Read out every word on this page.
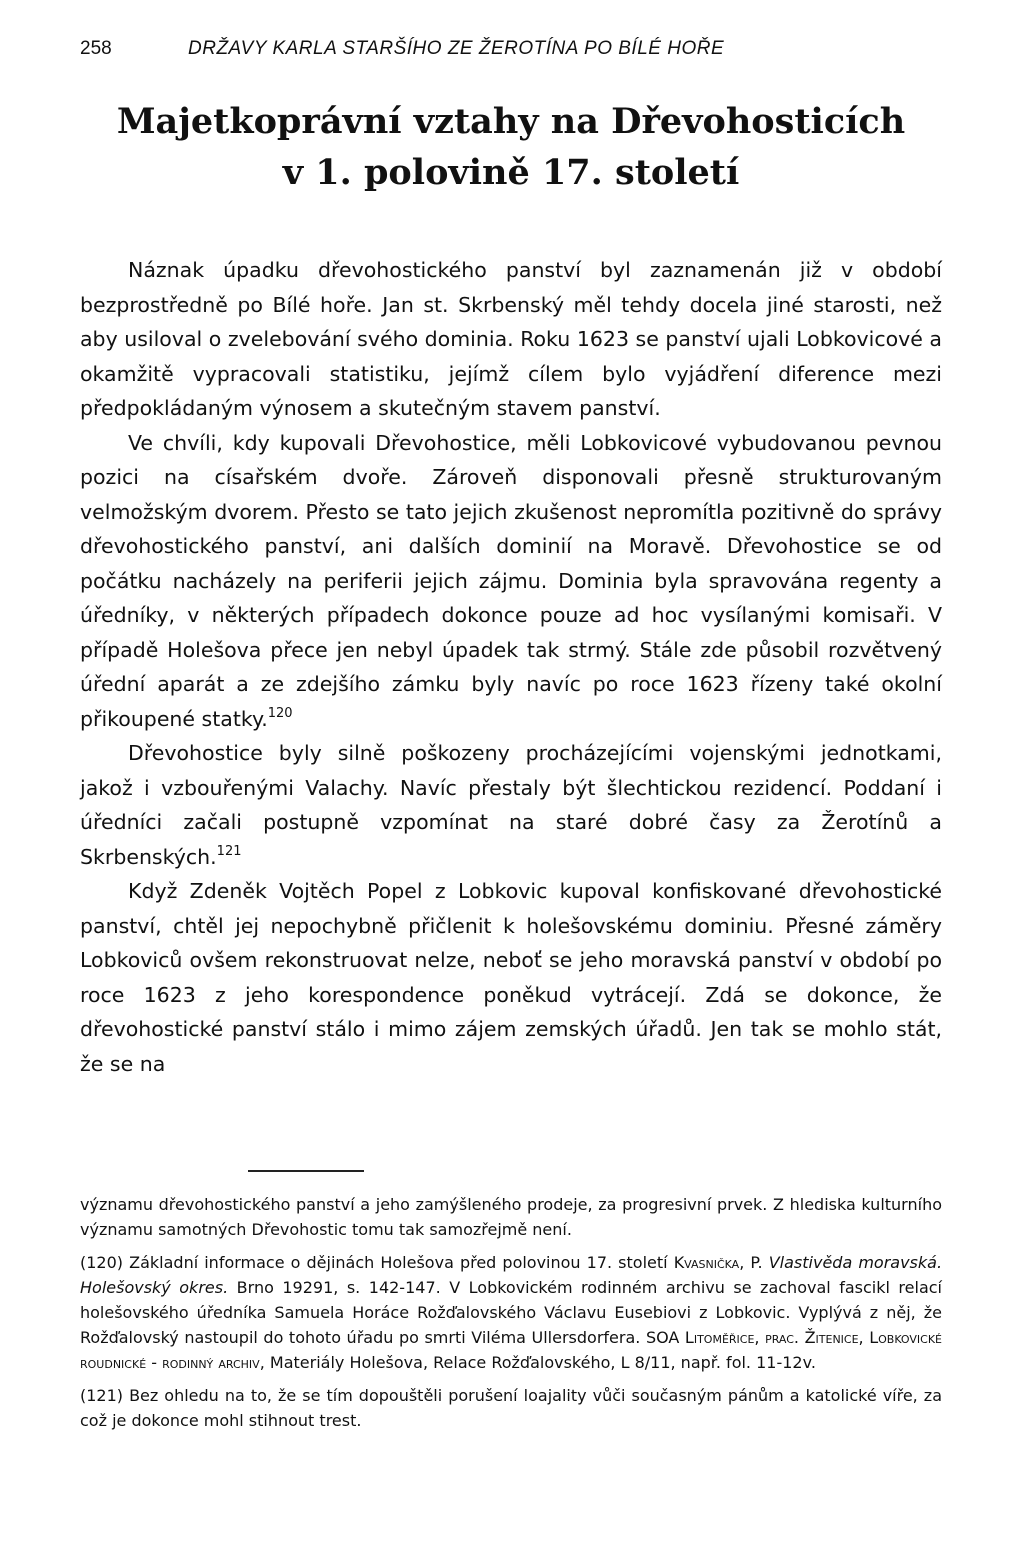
258	DRŽAVY KARLA STARŠÍHO ZE ŽEROTÍNA PO BÍLÉ HOŘE
Majetkoprávní vztahy na Dřevohosticích
v 1. polovině 17. století

Náznak úpadku dřevohostického panství byl zaznamenán již v období bezprostředně po Bílé hoře. Jan st. Skrbenský měl tehdy docela jiné starosti, než aby usiloval o zvelebování svého dominia. Roku 1623 se panství ujali Lobkovicové a okamžitě vypracovali statistiku, jejímž cílem bylo vyjádření diference mezi předpokládaným výnosem a skutečným stavem panství.

Ve chvíli, kdy kupovali Dřevohostice, měli Lobkovicové vybudovanou pevnou pozici na císařském dvoře. Zároveň disponovali přesně strukturovaným velmožským dvorem. Přesto se tato jejich zkušenost nepromítla pozitivně do správy dřevohostického panství, ani dalších dominií na Moravě. Dřevohostice se od počátku nacházely na periferii jejich zájmu. Dominia byla spravována regenty a úředníky, v některých případech dokonce pouze ad hoc vysílanými komisaři. V případě Holešova přece jen nebyl úpadek tak strmý. Stále zde působil rozvětvený úřední aparát a ze zdejšího zámku byly navíc po roce 1623 řízeny také okolní přikoupené statky.$^{120}$

Dřevohostice byly silně poškozeny procházejícími vojenskými jednotkami, jakož i vzbouřenými Valachy. Navíc přestaly být šlechtickou rezidencí. Poddaní i úředníci začali postupně vzpomínat na staré dobré časy za Žerotínů a Skrbenských.$^{121}$

Když Zdeněk Vojtěch Popel z Lobkovic kupoval konfiskované dřevohostické panství, chtěl jej nepochybně přičlenit k holešovskému dominiu. Přesné záměry Lobkoviců ovšem rekonstruovat nelze, neboť se jeho moravská panství v období po roce 1623 z jeho korespondence poněkud vytrácejí. Zdá se dokonce, že dřevohostické panství stálo i mimo zájem zemských úřadů. Jen tak se mohlo stát, že se na

významu dřevohostického panství a jeho zamýšleného prodeje, za progresivní prvek. Z hlediska kulturního významu samotných Dřevohostic tomu tak samozřejmě není.

(120) Základní informace o dějinách Holešova před polovinou 17. století Kvasnička, P. Vlastivěda moravská. Holešovský okres. Brno 19291, s. 142-147. V Lobkovickém rodinném archivu se zachoval fascikl relací holešovského úředníka Samuela Horáce Rožďalovského Václavu Eusebiovi z Lobkovic. Vyplývá z něj, že Rožďalovský nastoupil do tohoto úřadu po smrti Viléma Ullersdorfera. SOA Litoměřice, prac. Žitenice, Lobkovické roudnické - rodinný archiv, Materiály Holešova, Relace Rožďalovského, L 8/11, např. fol. 11-12v.

(121) Bez ohledu na to, že se tím dopouštěli porušení loajality vůči současným pánům a katolické víře, za což je dokonce mohl stihnout trest.
